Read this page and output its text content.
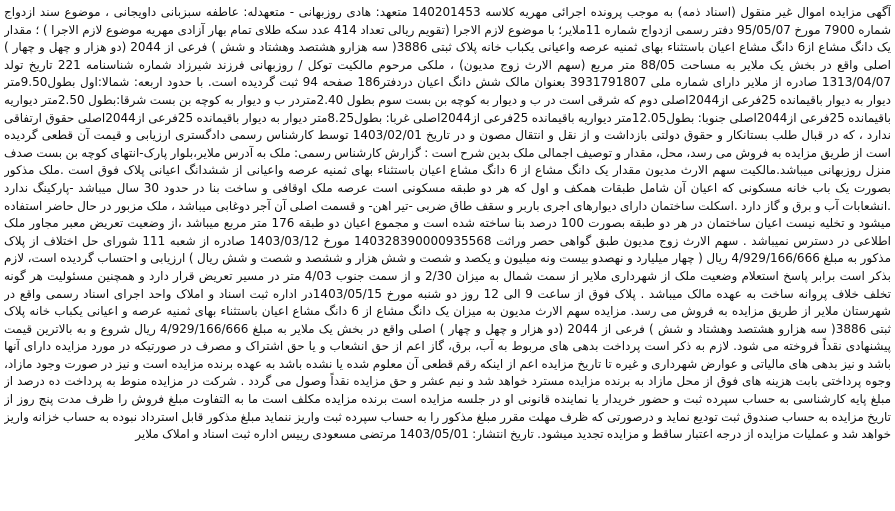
آگهی مزایده اموال غیر منقول (اسناد ذمه) به موجب پرونده اجرائی مهریه کلاسه 140201453 متعهد: هادی روزبهانی - متعهدله: عاطفه سبزبانی داویجانی ، موضوع سند ازدواج شماره 7900 مورخ 95/05/07 دفتر رسمی ازدواج شماره 11ملایر؛ با موضوع لازم الاجرا (تقویم ریالی تعداد 414 عدد سکه طلای تمام بهار آزادی مهریه موضوع لازم الاجرا ) ؛ مقدار یک دانگ مشاع از6 دانگ مشاع اعیان باستثناء بهای ثمنیه عرصه واعیانی یکباب خانه پلاک ثبتی 3886( سه هزارو هشتصد وهشتاد و شش ) فرعی از 2044 (دو هزار و چهل و چهار ) اصلی واقع در بخش یک ملایر به مساحت 88/05 متر مربع (سهم الارث زوج مدیون) ، ملکی مرحوم مالکیت توکل / روزبهانی فرزند شیرزاد شماره شناسنامه 221 تاریخ تولد 1313/04/07 صادره از ملایر دارای شماره ملی 3931791807 بعنوان مالک شش دانگ اعیان دردفتر186 صفحه 94 ثبت گردیده است. با حدود اربعه: شمالا:اول بطول9.50متر دیوار به دیوار باقیمانده 25فرعی از2044اصلی دوم که شرقی است در ب و دیوار به کوچه بن بست سوم بطول 2.40متردر ب و دیوار به کوچه بن بست شرقا:بطول 2.50متر دیواریه باقیمانده 25فرعی از2044اصلی جنوبا: بطول12.05متر دیواریه باقیمانده 25فرعی از2044اصلی غربا: بطول8.25متر دیوار به دیوار باقیمانده 25فرعی از2044اصلی حقوق ارتفاقی ندارد ، که در قبال طلب بستانکار و حقوق دولتی بازداشت و از نقل و انتقال مصون و در تاریخ 1403/02/01 توسط کارشناس رسمی دادگستری ارزیابی و قیمت آن قطعی گردیده است از طریق مزایده به فروش می رسد، محل، مقدار و توصیف اجمالی ملک بدین شرح است : گزارش کارشناس رسمی: ملک به آدرس ملایر،بلوار پارک-انتهای کوچه بن بست صدف منزل روزبهانی میباشد.مالکیت سهم الارث مدیون مقدار یک دانگ مشاع از 6 دانگ مشاع اعیان باستثناء بهای ثمنیه عرصه واعیانی از ششدانگ اعیانی پلاک فوق است .ملک مذکور بصورت یک باب خانه مسکونی که اعیان آن شامل طبقات همکف و اول که هر دو طبقه مسکونی است عرصه ملک اوقافی و ساخت بنا در حدود 30 سال میباشد -پارکینگ ندارد .انشعابات آب و برق و گاز دارد .اسکلت ساختمان دارای دیوارهای اجری باربر و سقف طاق ضربی -تیر اهن- و قسمت اصلی آن آجر دوغابی میباشد ، ملک مزبور در حال حاضر استفاده میشود و تخلیه نیست اعیان ساختمان در هر دو طبقه بصورت 100 درصد بنا ساخته شده است و مجموع اعیان دو طبقه 176 متر مربع میباشد ،از وضعیت تعریض معبر مجاور ملک اطلاعی در دسترس نمیباشد . سهم الارث زوج مدیون طبق گواهی حصر وراثت 140328390000935568 مورخ 1403/03/12 صادره از شعبه 111 شورای حل اختلاف از پلاک مذکور به مبلغ 4/929/166/666 ریال ( چهار میلیارد و نهصدو بیست ونه میلیون و یکصد و شصت و شش هزار و ششصد و شصت و شش ریال ) ارزیابی و احتساب گردیده است، لازم بذکر است برابر پاسخ استعلام وضعیت ملک از شهرداری ملایر از سمت شمال به میزان 2/30 و از سمت جنوب 4/03 متر در مسیر تعریض قرار دارد و همچنین مسئولیت هر گونه تخلف خلاف پروانه ساخت به عهده مالک میباشد . پلاک فوق از ساعت 9 الی 12 روز دو شنبه مورخ 1403/05/15در اداره ثبت اسناد و املاک واحد اجرای اسناد رسمی واقع در شهرستان ملایر از طریق مزایده به فروش می رسد. مزایده سهم الارث مدیون به میزان یک دانگ مشاع از 6 دانگ مشاع اعیان باستثناء بهای ثمنیه عرصه و اعیانی یکباب خانه پلاک ثبتی 3886( سه هزارو هشتصد وهشتاد و شش ) فرعی از 2044 (دو هزار و چهل و چهار ) اصلی واقع در بخش یک ملایر به مبلغ 4/929/166/666 ریال شروع و به بالاترین قیمت پیشنهادی نقداً فروخته می شود. لازم به ذکر است پرداخت بدهی های مربوط به آب، برق، گاز اعم از حق انشعاب و یا حق اشتراک و مصرف در صورتیکه در مورد مزایده دارای آنها باشد و نیز بدهی های مالیاتی و عوارض شهرداری و غیره تا تاریخ مزایده اعم از اینکه رقم قطعی آن معلوم شده یا نشده باشد به عهده برنده مزایده است و نیز در صورت وجود مازاد، وجوه پرداختی بابت هزینه های فوق از محل مازاد به برنده مزایده مسترد خواهد شد و نیم عشر و حق مزایده نقداً وصول می گردد . شرکت در مزایده منوط به پرداخت ده درصد از مبلغ پایه کارشناسی به حساب سپرده ثبت و حضور خریدار یا نماینده قانونی او در جلسه مزایده است برنده مزایده مکلف است ما به التفاوت مبلغ فروش را ظرف مدت پنج روز از تاریخ مزایده به حساب صندوق ثبت تودیع نماید و درصورتی که ظرف مهلت مقرر مبلغ مذکور را به حساب سپرده ثبت واریز ننماید مبلغ مذکور قابل استرداد نبوده به حساب خزانه واریز خواهد شد و عملیات مزایده از درجه اعتبار ساقط و مزایده تجدید میشود. تاریخ انتشار: 1403/05/01 مرتضی مسعودی رییس اداره ثبت اسناد و املاک ملایر
